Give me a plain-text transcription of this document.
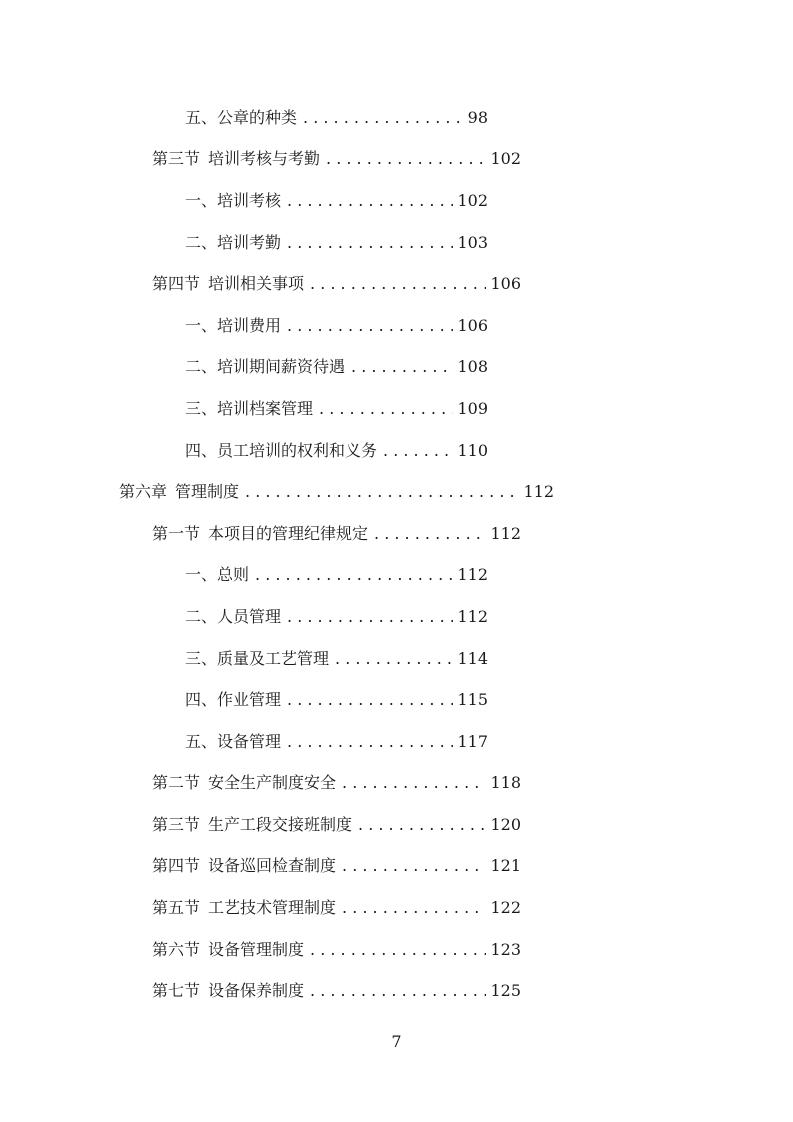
五、公章的种类 . . .	98
第三节 培训考核与考勤 . . .	102
一、培训考核 . . .	102
二、培训考勤 . . .	103
第四节 培训相关事项 . . .	106
一、培训费用 . . .	106
二、培训期间薪资待遇 . . .	108
三、培训档案管理 . . .	109
四、员工培训的权利和义务 . . .	110
第六章 管理制度 . . .	112
第一节 本项目的管理纪律规定 . . .	112
一、总则 . . .	112
二、人员管理 . . .	112
三、质量及工艺管理 . . .	114
四、作业管理 . . .	115
五、设备管理 . . .	117
第二节 安全生产制度安全 . . .	118
第三节 生产工段交接班制度 . . .	120
第四节 设备巡回检查制度 . . .	121
第五节 工艺技术管理制度 . . .	122
第六节 设备管理制度 . . .	123
第七节 设备保养制度 . . .	125
7
